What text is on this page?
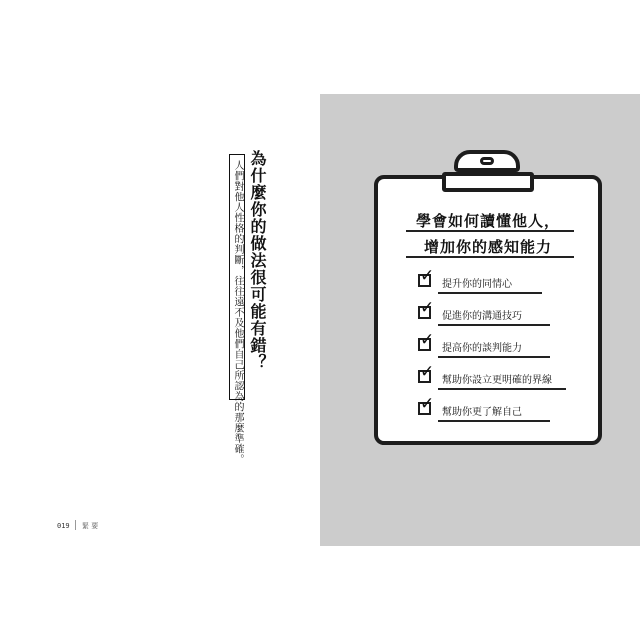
為什麼你的做法很可能有錯？
人們對他人性格的判斷，往往遠不及他們自己所認為的那麼準確。

019 緊 要
學會如何讀懂他人，
增加你的感知能力
✓ 提升你的同情心
✓ 促進你的溝通技巧
✓ 提高你的談判能力
✓ 幫助你設立更明確的界線
✓ 幫助你更了解自己
